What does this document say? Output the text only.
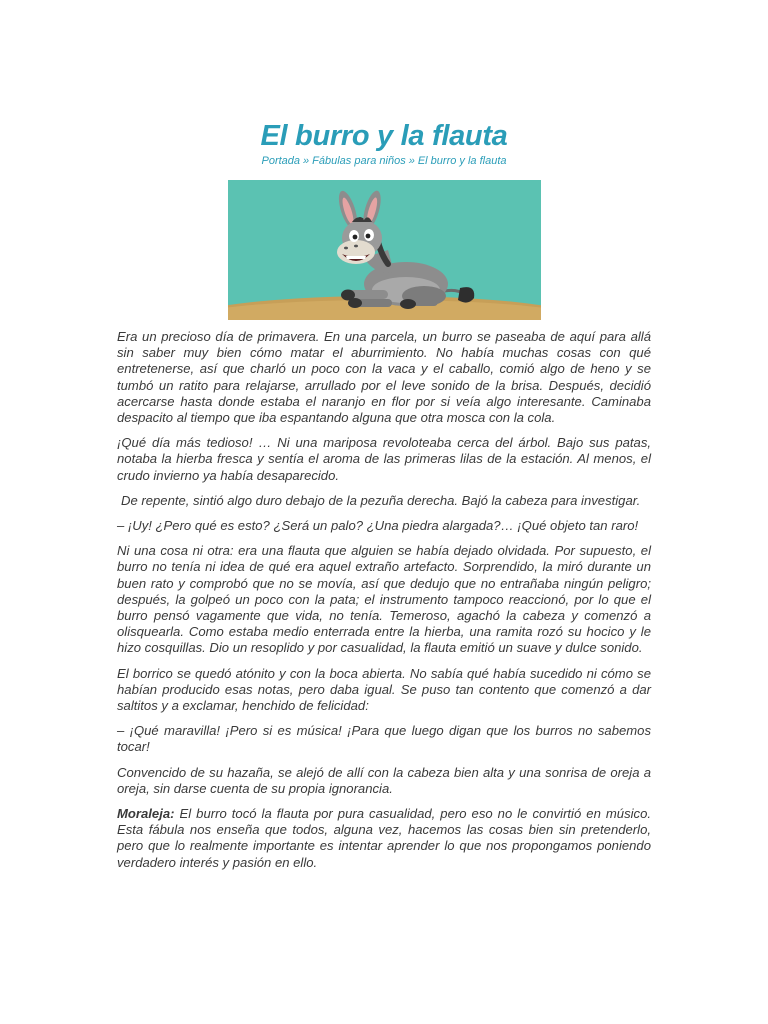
El burro y la flauta
Portada » Fábulas para niños » El burro y la flauta

Era un precioso día de primavera. En una parcela, un burro se paseaba de aquí para allá sin saber muy bien cómo matar el aburrimiento. No había muchas cosas con qué entretenerse, así que charló un poco con la vaca y el caballo, comió algo de heno y se tumbó un ratito para relajarse, arrullado por el leve sonido de la brisa. Después, decidió acercarse hasta donde estaba el naranjo en flor por si veía algo interesante. Caminaba despacito al tiempo que iba espantando alguna que otra mosca con la cola.

¡Qué día más tedioso! … Ni una mariposa revoloteaba cerca del árbol. Bajo sus patas, notaba la hierba fresca y sentía el aroma de las primeras lilas de la estación. Al menos, el crudo invierno ya había desaparecido.

De repente, sintió algo duro debajo de la pezuña derecha. Bajó la cabeza para investigar.

– ¡Uy! ¿Pero qué es esto? ¿Será un palo? ¿Una piedra alargada?… ¡Qué objeto tan raro!

Ni una cosa ni otra: era una flauta que alguien se había dejado olvidada. Por supuesto, el burro no tenía ni idea de qué era aquel extraño artefacto. Sorprendido, la miró durante un buen rato y comprobó que no se movía, así que dedujo que no entrañaba ningún peligro; después, la golpeó un poco con la pata; el instrumento tampoco reaccionó, por lo que el burro pensó vagamente que vida, no tenía. Temeroso, agachó la cabeza y comenzó a olisquearla. Como estaba medio enterrada entre la hierba, una ramita rozó su hocico y le hizo cosquillas. Dio un resoplido y por casualidad, la flauta emitió un suave y dulce sonido.

El borrico se quedó atónito y con la boca abierta. No sabía qué había sucedido ni cómo se habían producido esas notas, pero daba igual. Se puso tan contento que comenzó a dar saltitos y a exclamar, henchido de felicidad:

– ¡Qué maravilla! ¡Pero si es música! ¡Para que luego digan que los burros no sabemos tocar!

Convencido de su hazaña, se alejó de allí con la cabeza bien alta y una sonrisa de oreja a oreja, sin darse cuenta de su propia ignorancia.

Moraleja: El burro tocó la flauta por pura casualidad, pero eso no le convirtió en músico. Esta fábula nos enseña que todos, alguna vez, hacemos las cosas bien sin pretenderlo, pero que lo realmente importante es intentar aprender lo que nos propongamos poniendo verdadero interés y pasión en ello.
